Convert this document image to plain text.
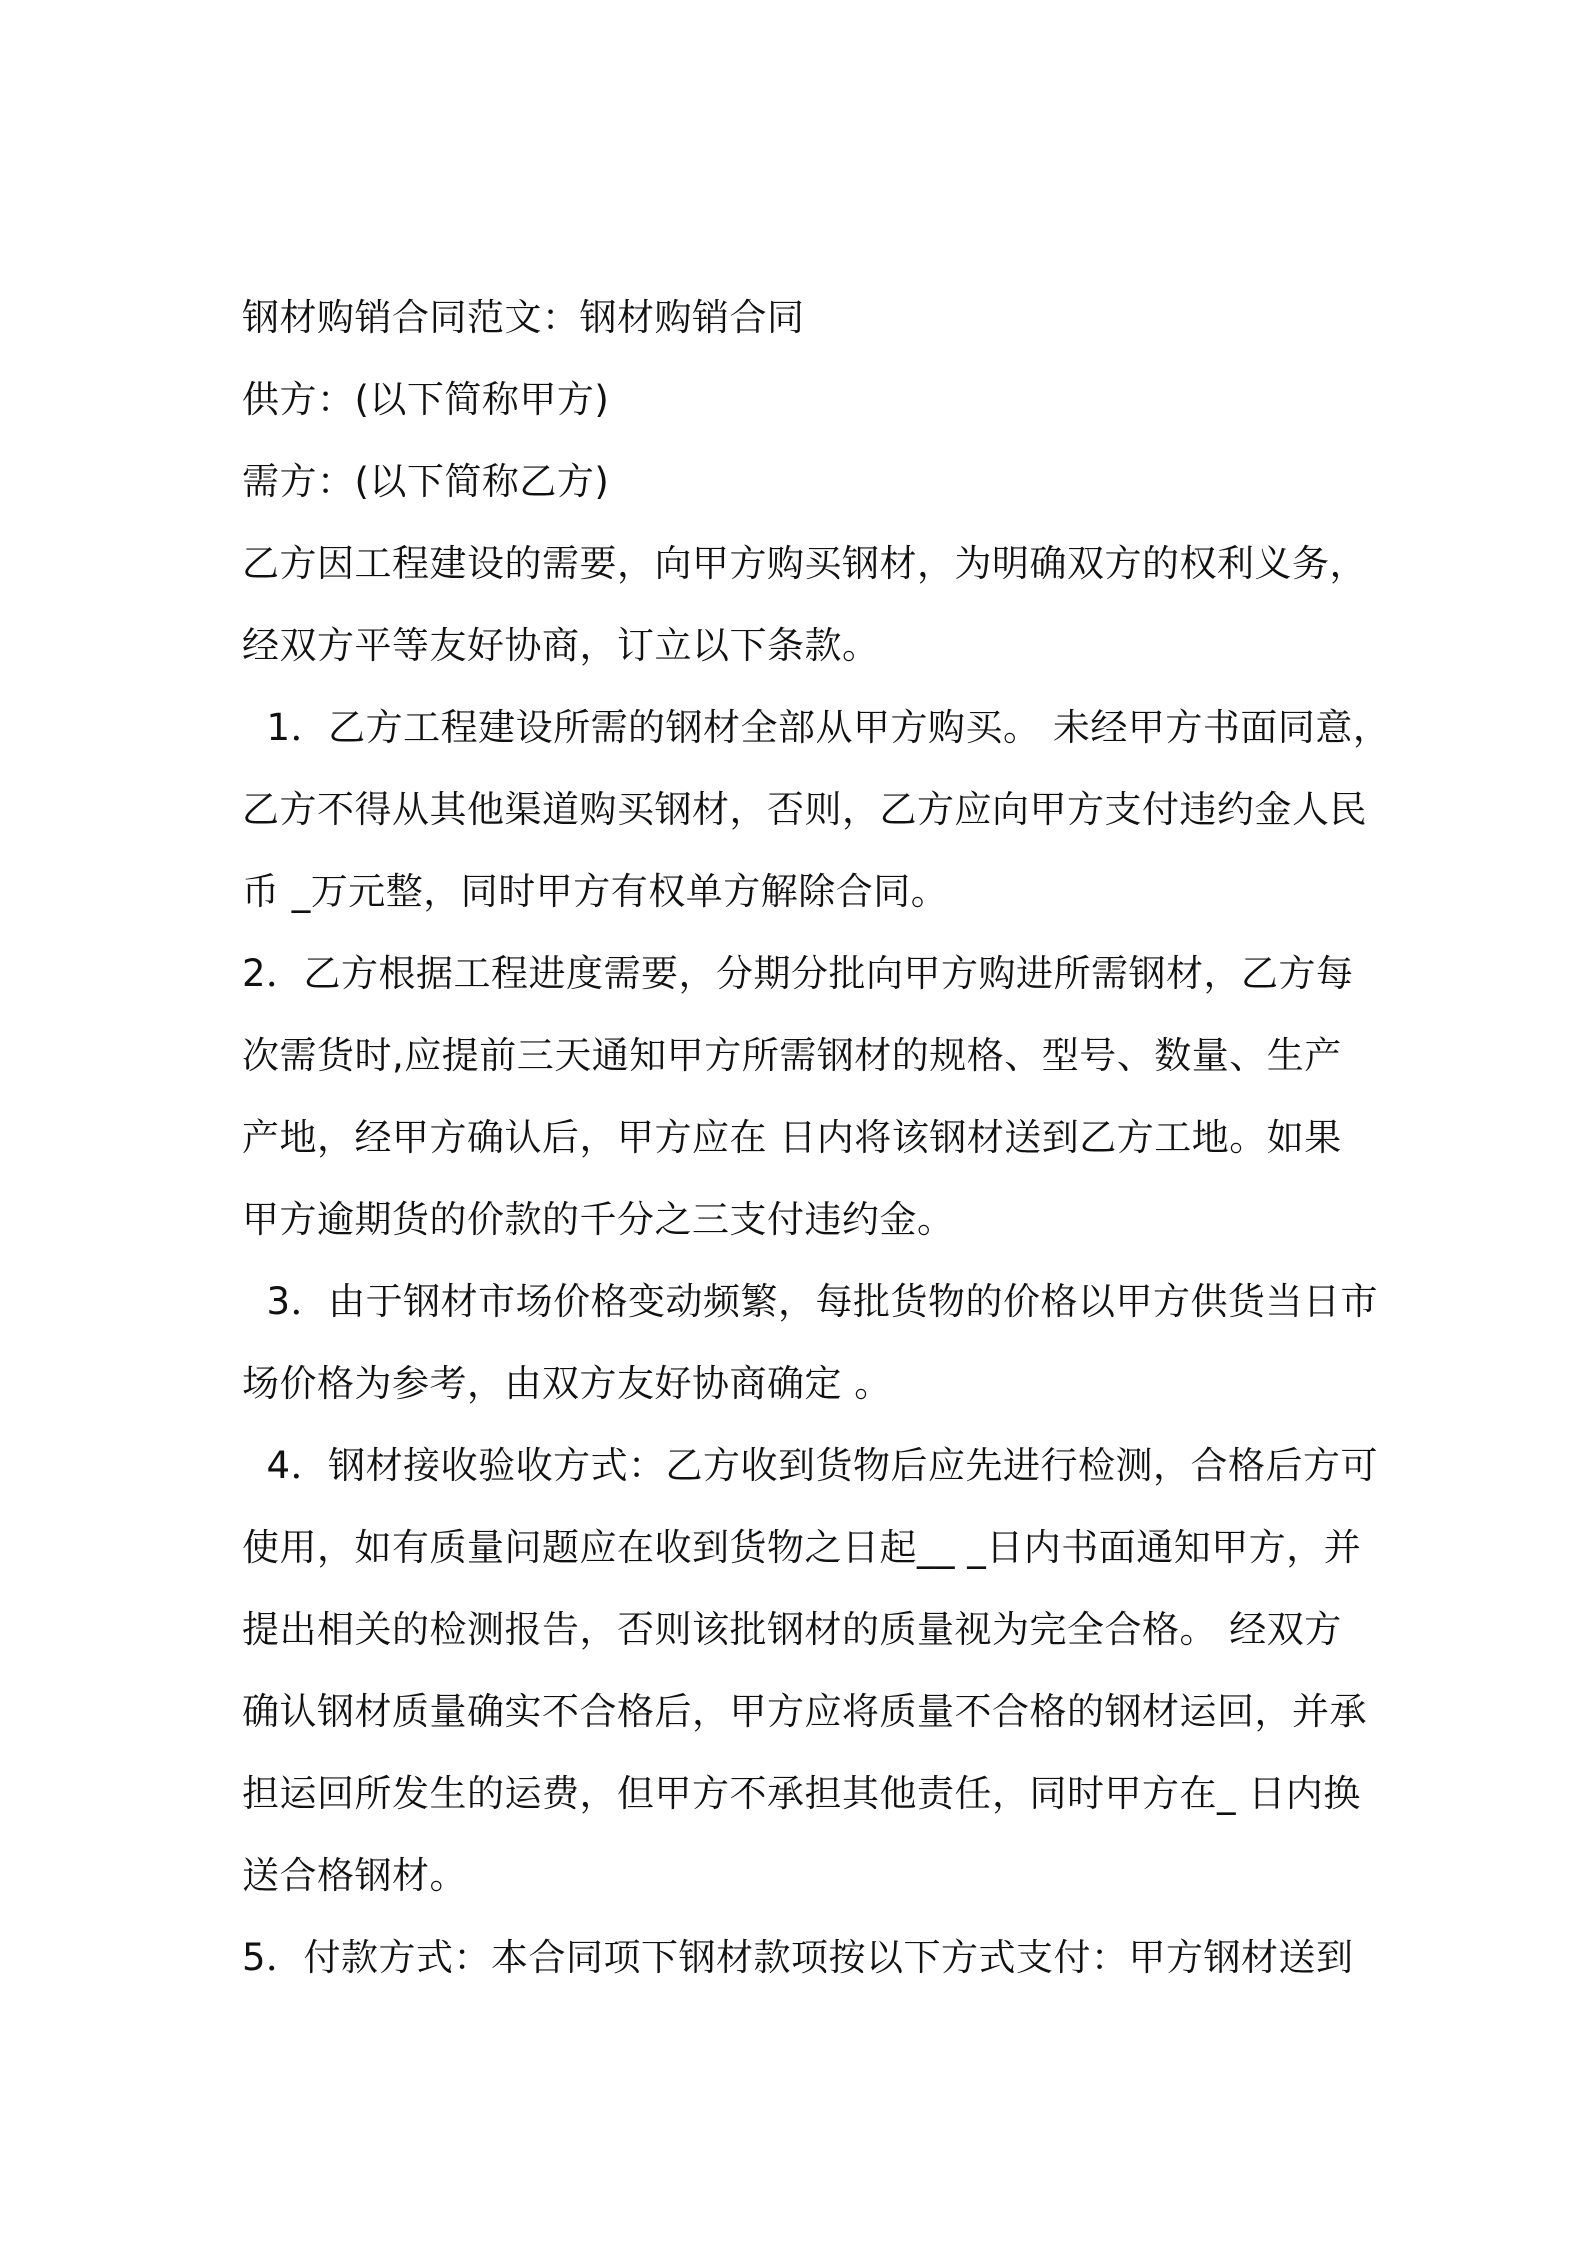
钢材购销合同范文：钢材购销合同
供方：(以下简称甲方)
需方：(以下简称乙方)
乙方因工程建设的需要，向甲方购买钢材，为明确双方的权利义务，
经双方平等友好协商，订立以下条款。
1．乙方工程建设所需的钢材全部从甲方购买。 未经甲方书面同意，
乙方不得从其他渠道购买钢材，否则，乙方应向甲方支付违约金人民
币 _万元整，同时甲方有权单方解除合同。
2．乙方根据工程进度需要，分期分批向甲方购进所需钢材，乙方每
次需货时,应提前三天通知甲方所需钢材的规格、型号、数量、生产
产地，经甲方确认后，甲方应在 日内将该钢材送到乙方工地。如果
甲方逾期货的价款的千分之三支付违约金。
3．由于钢材市场价格变动频繁，每批货物的价格以甲方供货当日市
场价格为参考，由双方友好协商确定 。
4．钢材接收验收方式：乙方收到货物后应先进行检测，合格后方可
使用，如有质量问题应在收到货物之日起__ _日内书面通知甲方，并
提出相关的检测报告，否则该批钢材的质量视为完全合格。 经双方
确认钢材质量确实不合格后，甲方应将质量不合格的钢材运回，并承
担运回所发生的运费，但甲方不承担其他责任，同时甲方在_ 日内换
送合格钢材。
5．付款方式：本合同项下钢材款项按以下方式支付：甲方钢材送到
